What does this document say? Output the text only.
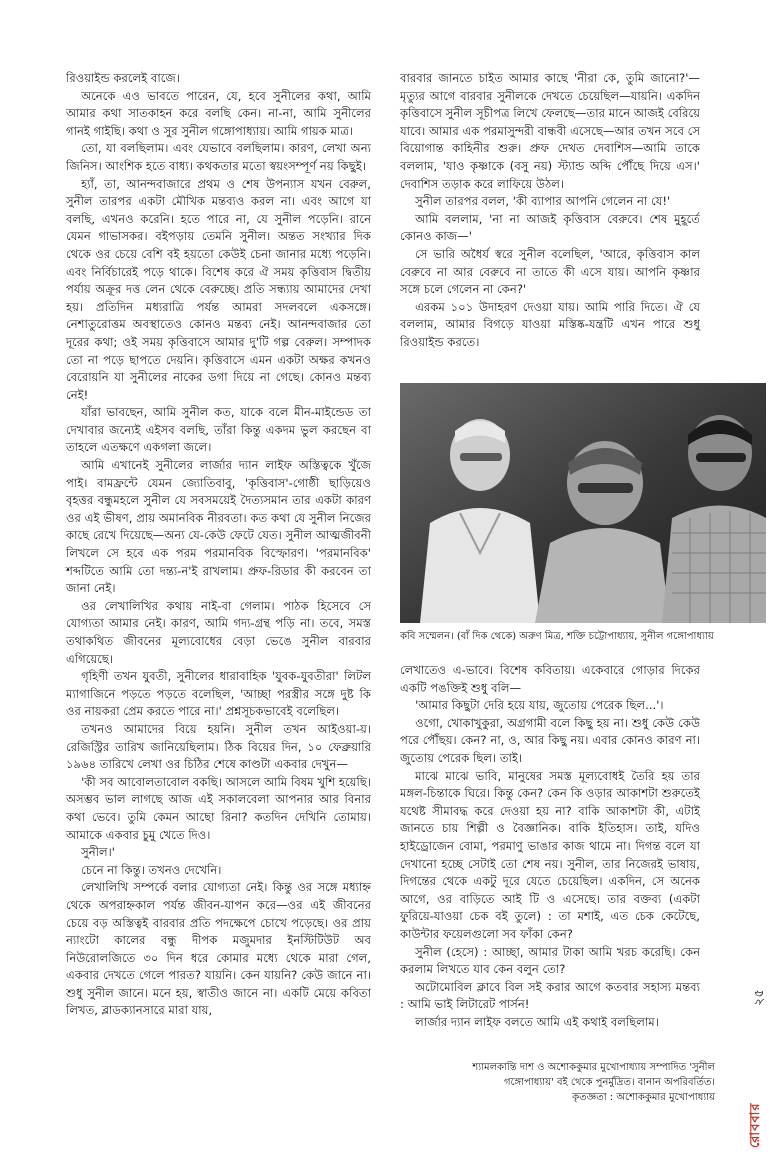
রিওয়াইন্ড করলেই বাজে।

অনেকে এও ভাবতে পারেন, যে, হবে সুনীলের কথা, আমি আমার কথা সাতকাহন করে বলছি কেন। না-না, আমি সুনীলের গানই গাইছি। কথা ও সুর সুনীল গঙ্গোপাধ্যায়। আমি গায়ক মাত্র।

তো, যা বলছিলাম। এবং যেভাবে বলছিলাম। কারণ, লেখা অন্য জিনিস। আংশিক হতে বাধ্য। কথকতার মতো স্বয়ংসম্পূর্ণ নয় কিছুই।

হ্যাঁ, তা, আনন্দবাজারে প্রথম ও শেষ উপন্যাস যখন বেরুল, সুনীল তারপর একটা মৌখিক মন্তব্যও করল না। এবং আগে যা বলছি, এখনও করেনি। হতে পারে না, যে সুনীল পড়েনি। রানে যেমন গাভাসকর। বইপড়ায় তেমনি সুনীল। অন্তত সংখ্যার দিক থেকে ওর চেয়ে বেশি বই হয়তো কেউই চেনা জানার মধ্যে পড়েনি। এবং নির্বিচারেই পড়ে থাকে। বিশেষ করে ঐ সময় কৃত্তিবাস দ্বিতীয় পর্যায় অক্রূর দত্ত লেন থেকে বেরুচ্ছে। প্রতি সন্ধ্যায় আমাদের দেখা হয়। প্রতিদিন মধ্যরাত্রি পর্যন্ত আমরা সদলবলে একসঙ্গে। নেশাতুরোত্তম অবস্থাতেও কোনও মন্তব্য নেই। আনন্দবাজার তো দূরের কথা; ওই সময় কৃত্তিবাসে আমার দু'টি গল্প বেরুল। সম্পাদক তো না পড়ে ছাপতে দেয়নি। কৃত্তিবাসে এমন একটা অক্ষর কখনও বেরোয়নি যা সুনীলের নাকের ডগা দিয়ে না গেছে। কোনও মন্তব্য নেই!

যাঁরা ভাবছেন, আমি সুনীল কত, যাকে বলে মীন-মাইন্ডেড তা দেখাবার জন্যেই এইসব বলছি, তাঁরা কিন্তু একদম ভুল করছেন বা তাহলে এতক্ষণে একগলা জলে।

আমি এখানেই সুনীলের লার্জার দ্যান লাইফ অস্তিত্বকে খুঁজে পাই। বামফ্রন্টে যেমন জ্যোতিবাবু, 'কৃত্তিবাস'-গোষ্ঠী ছাড়িয়েও বৃহত্তর বন্ধুমহলে সুনীল যে সবসময়েই দৈত্যসমান তার একটা কারণ ওর এই ভীষণ, প্রায় অমানবিক নীরবতা। কত কথা যে সুনীল নিজের কাছে রেখে দিয়েছে—অন্য যে-কেউ ফেটে যেত। সুনীল আত্মজীবনী লিখলে সে হবে এক পরম পরমানবিক বিস্ফোরণ। 'পরমানবিক' শব্দটিতে আমি তো দন্ত্য-ন'ই রাখলাম। প্রুফ-রিডার কী করবেন তা জানা নেই।

ওর লেখালিখির কথায় নাই-বা গেলাম। পাঠক হিসেবে সে যোগ্যতা আমার নেই। কারণ, আমি গদ্য-গ্রন্থ পড়ি না। তবে, সমস্ত তথাকথিত জীবনের মূল্যবোধের বেড়া ভেঙে সুনীল বারবার এগিয়েছে।

গৃহিণী তখন যুবতী, সুনীলের ধারাবাহিক 'যুবক-যুবতীরা' লিটল ম্যাগাজিনে পড়তে পড়তে বলেছিল, 'আচ্ছা পরস্ত্রীর সঙ্গে দুষ্ট কি ওর নায়করা প্রেম করতে পারে না।' প্রশ্নসূচকভাবেই বলেছিল।

তখনও আমাদের বিয়ে হয়নি। সুনীল তখন আইওয়া-য়। রেজিস্ট্রির তারিখ জানিয়েছিলাম। ঠিক বিয়ের দিন, ১০ ফেব্রুয়ারি ১৯৬৪ তারিখে লেখা ওর চিঠির শেষে কাণ্ডটা একবার দেখুন—

'কী সব আবোলতাবোল বকছি। আসলে আমি বিষম খুশি হয়েছি। অসম্ভব ভাল লাগছে আজ এই সকালবেলা আপনার আর বিনার কথা ভেবে। তুমি কেমন আছো রিনা? কতদিন দেখিনি তোমায়। আমাকে একবার চুমু খেতে দিও।

সুনীল।'

চেনে না কিন্তু। তখনও দেখেনি।

লেখালিখি সম্পর্কে বলার যোগ্যতা নেই। কিন্তু ওর সঙ্গে মধ্যাহ্ন থেকে অপরাহ্নকাল পর্যন্ত জীবন-যাপন করে—ওর এই জীবনের চেয়ে বড় অস্তিত্বই বারবার প্রতি পদক্ষেপে চোখে পড়েছে। ওর প্রায় ন্যাংটো কালের বন্ধু দীপক মজুমদার ইনস্টিটিউট অব নিউরোলজিতে ৩০ দিন ধরে কোমার মধ্যে থেকে মারা গেল, একবার দেখতে গেলে পারত? যায়নি। কেন যায়নি? কেউ জানে না। শুধু সুনীল জানে। মনে হয়, স্বাতীও জানে না। একটি মেয়ে কবিতা লিখত, ব্লাডক্যানসারে মারা যায়,

বারবার জানতে চাইত আমার কাছে 'নীরা কে, তুমি জানো?'—মৃত্যুর আগে বারবার সুনীলকে দেখতে চেয়েছিল—যায়নি। একদিন কৃত্তিবাসে সুনীল সূচীপত্র লিখে ফেলছে—তার মানে আজই বেরিয়ে যাবে। আমার এক পরমাসুন্দরী বান্ধবী এসেছে—আর তখন সবে সে বিয়োগান্ত কাহিনীর শুরু। প্রুফ দেখত দেবাশিস—আমি তাকে বললাম, 'যাও কৃষ্ণাকে (বসু নয়) স্ট্যান্ড অব্দি পৌঁছে দিয়ে এস।' দেবাশিস তড়াক করে লাফিয়ে উঠল।

সুনীল তারপর বলল, 'কী ব্যাপার আপনি গেলেন না যে!'

আমি বললাম, 'না না আজই কৃত্তিবাস বেরুবে। শেষ মুহূর্তে কোনও কাজ—'

সে ভারি অধৈর্য স্বরে সুনীল বলেছিল, 'আরে, কৃত্তিবাস কাল বেরুবে না আর বেরুবে না তাতে কী এসে যায়। আপনি কৃষ্ণার সঙ্গে চলে গেলেন না কেন?'

এরকম ১০১ উদাহরণ দেওয়া যায়। আমি পারি দিতে। ঐ যে বললাম, আমার বিগড়ে যাওয়া মস্তিষ্ক-যন্ত্রটি এখন পারে শুধু রিওয়াইন্ড করতে।

কবি সম্মেলন। (বাঁ দিক থেকে) অরুণ মিত্র, শক্তি চট্টোপাধ্যায়, সুনীল গঙ্গোপাধ্যায়

লেখাতেও এ-ভাবে। বিশেষ কবিতায়। একেবারে গোড়ার দিকের একটি পঙক্তিই শুধু বলি—

'আমার কিছুটা দেরি হয়ে যায়, জুতোয় পেরেক ছিল...'।

ওগো, খোকাখুকুরা, অগ্রগামী বলে কিছু হয় না। শুধু কেউ কেউ পরে পৌঁছয়। কেন? না, ও, আর কিছু নয়। এবার কোনও কারণ না। জুতোয় পেরেক ছিল। তাই।

মাঝে মাঝে ভাবি, মানুষের সমস্ত মূল্যবোধই তৈরি হয় তার মঙ্গল-চিন্তাকে ঘিরে। কিন্তু কেন? কেন কি ওড়ার আকাশটা শুরুতেই যথেষ্ট সীমাবদ্ধ করে দেওয়া হয় না? বাকি আকাশটা কী, এটাই জানতে চায় শিল্পী ও বৈজ্ঞানিক। বাকি ইতিহাস। তাই, যদিও হাইড্রোজেন বোমা, পরমাণু ভাঙার কাজ থামে না। দিগন্ত বলে যা দেখানো হচ্ছে সেটাই তো শেষ নয়। সুনীল, তার নিজেরই ভাষায়, দিগন্তের থেকে একটু দূরে যেতে চেয়েছিল। একদিন, সে অনেক আগে, ওর বাড়িতে আই টি ও এসেছে। তার বক্তব্য (একটা ফুরিয়ে-যাওয়া চেক বই তুলে) : তা মশাই, এত চেক কেটেছে, কাউন্টার ফয়েলগুলো সব ফাঁকা কেন?

সুনীল (হেসে) : আচ্ছা, আমার টাকা আমি খরচ করেছি। কেন করলাম লিখতে যাব কেন বলুন তো?

অটোমোবিল ক্লাবে বিল সই করার আগে কতবার সহাস্য মন্তব্য : আমি ভাই লিটারেট পার্সন!

লার্জার দ্যান লাইফ বলতে আমি এই কথাই বলছিলাম।

শ্যামলকান্তি দাশ ও অশোককুমার মুখোপাধ্যায় সম্পাদিত 'সুনীল গঙ্গোপাধ্যায়' বই থেকে পুনর্মুদ্রিত। বানান অপরিবর্তিত।

কৃতজ্ঞতা : অশোককুমার মুখোপাধ্যায়

২৫
রোববার
